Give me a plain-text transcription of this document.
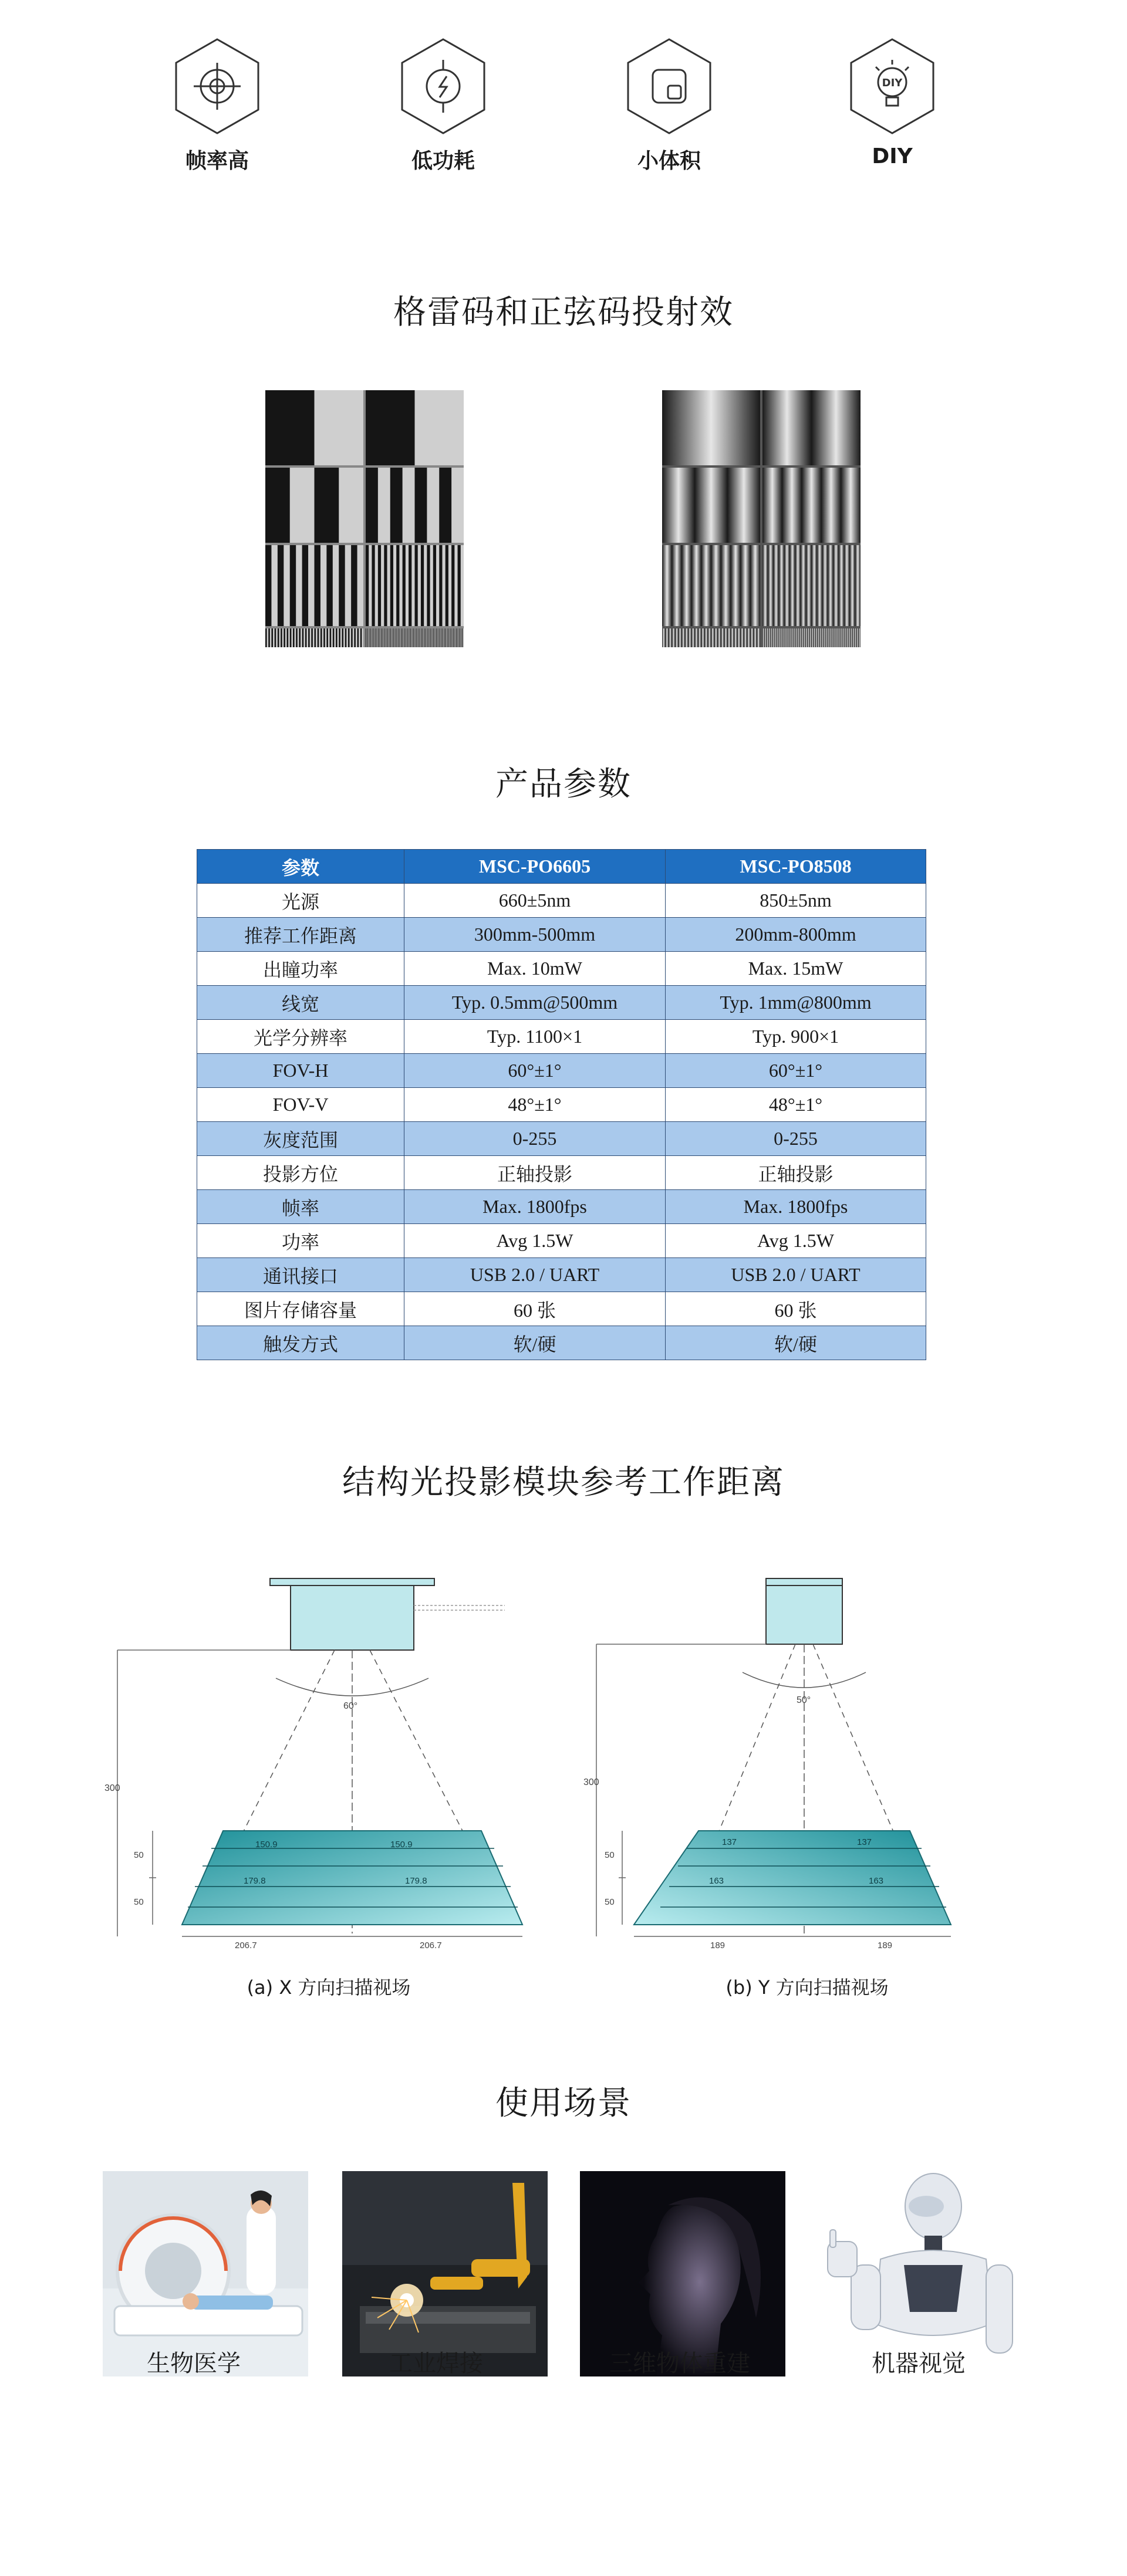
帧率高	低功耗	小体积
DIY
DIY
格雷码和正弦码投射效
产品参数
参数	MSC-PO6605	MSC-PO8508
光源	660±5nm	850±5nm
推荐工作距离	300mm-500mm	200mm-800mm
出瞳功率	Max. 10mW	Max. 15mW
线宽	Typ. 0.5mm@500mm	Typ. 1mm@800mm
光学分辨率	Typ. 1100×1	Typ. 900×1
FOV-H	60°±1°	60°±1°
FOV-V	48°±1°	48°±1°
灰度范围	0-255	0-255
投影方位	正轴投影	正轴投影
帧率	Max. 1800fps	Max. 1800fps
功率	Avg 1.5W	Avg 1.5W
通讯接口	USB 2.0 / UART	USB 2.0 / UART
图片存储容量	60 张	60 张
触发方式	软/硬	软/硬
结构光投影模块参考工作距离
300
60°
150.9	150.9
179.8	179.8
50
50
206.7	206.7
(a) X 方向扫描视场
300
50°
137	137
163	163
50
50
189	189
(b) Y 方向扫描视场
使用场景
生物医学	工业焊接	三维物体重建	机器视觉
